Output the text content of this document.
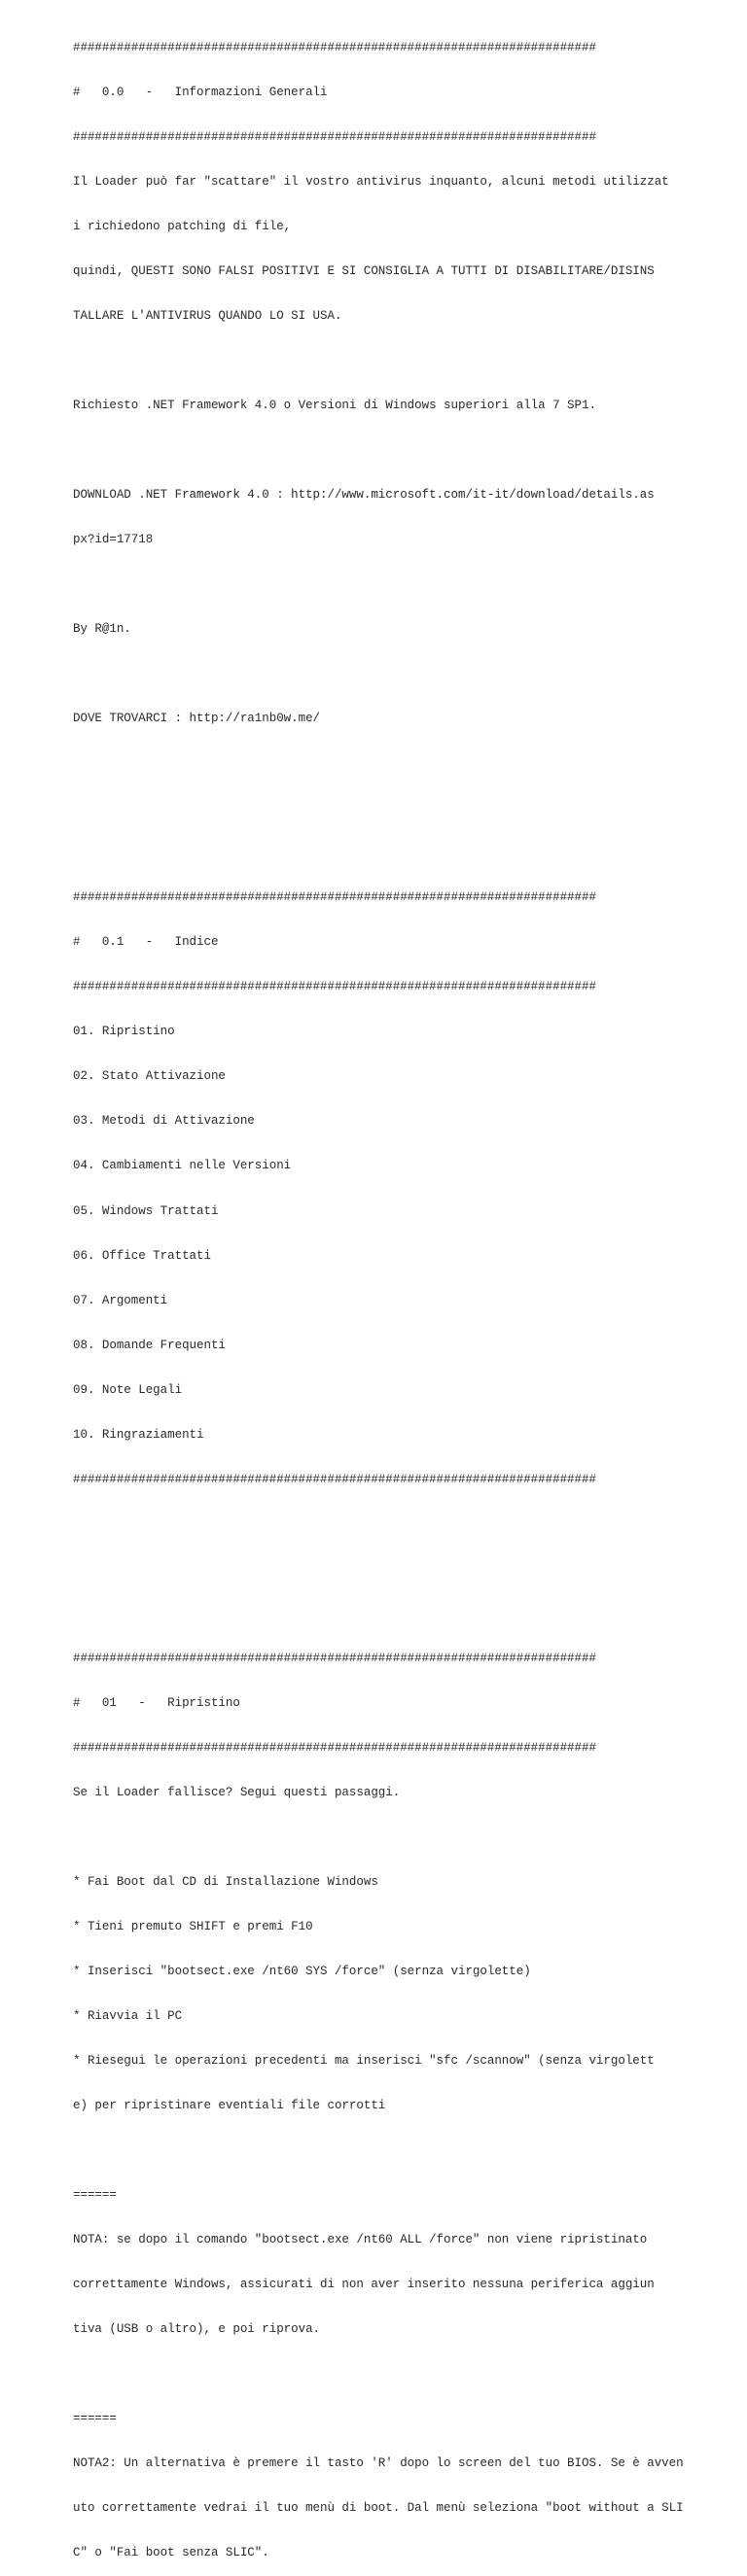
########################################################################

#   0.0   -   Informazioni Generali

########################################################################

Il Loader può far "scattare" il vostro antivirus inquanto, alcuni metodi utilizzat

i richiedono patching di file,

quindi, QUESTI SONO FALSI POSITIVI E SI CONSIGLIA A TUTTI DI DISABILITARE/DISINS

TALLARE L'ANTIVIRUS QUANDO LO SI USA.

Richiesto .NET Framework 4.0 o Versioni di Windows superiori alla 7 SP1.

DOWNLOAD .NET Framework 4.0 : http://www.microsoft.com/it-it/download/details.as

px?id=17718

By R@1n.

DOVE TROVARCI : http://ra1nb0w.me/

########################################################################

#   0.1   -   Indice

########################################################################

01. Ripristino

02. Stato Attivazione

03. Metodi di Attivazione

04. Cambiamenti nelle Versioni

05. Windows Trattati

06. Office Trattati

07. Argomenti

08. Domande Frequenti

09. Note Legali

10. Ringraziamenti

########################################################################

########################################################################

#   01   -   Ripristino

########################################################################

Se il Loader fallisce? Segui questi passaggi.

* Fai Boot dal CD di Installazione Windows

* Tieni premuto SHIFT e premi F10

* Inserisci "bootsect.exe /nt60 SYS /force" (sernza virgolette)

* Riavvia il PC

* Riesegui le operazioni precedenti ma inserisci "sfc /scannow" (senza virgolett

e) per ripristinare eventiali file corrotti

======

NOTA: se dopo il comando "bootsect.exe /nt60 ALL /force" non viene ripristinato

correttamente Windows, assicurati di non aver inserito nessuna periferica aggiun

tiva (USB o altro), e poi riprova.

======

NOTA2: Un alternativa è premere il tasto 'R' dopo lo screen del tuo BIOS. Se è avven

uto correttamente vedrai il tuo menù di boot. Dal menù seleziona "boot without a SLI

C" o "Fai boot senza SLIC".
